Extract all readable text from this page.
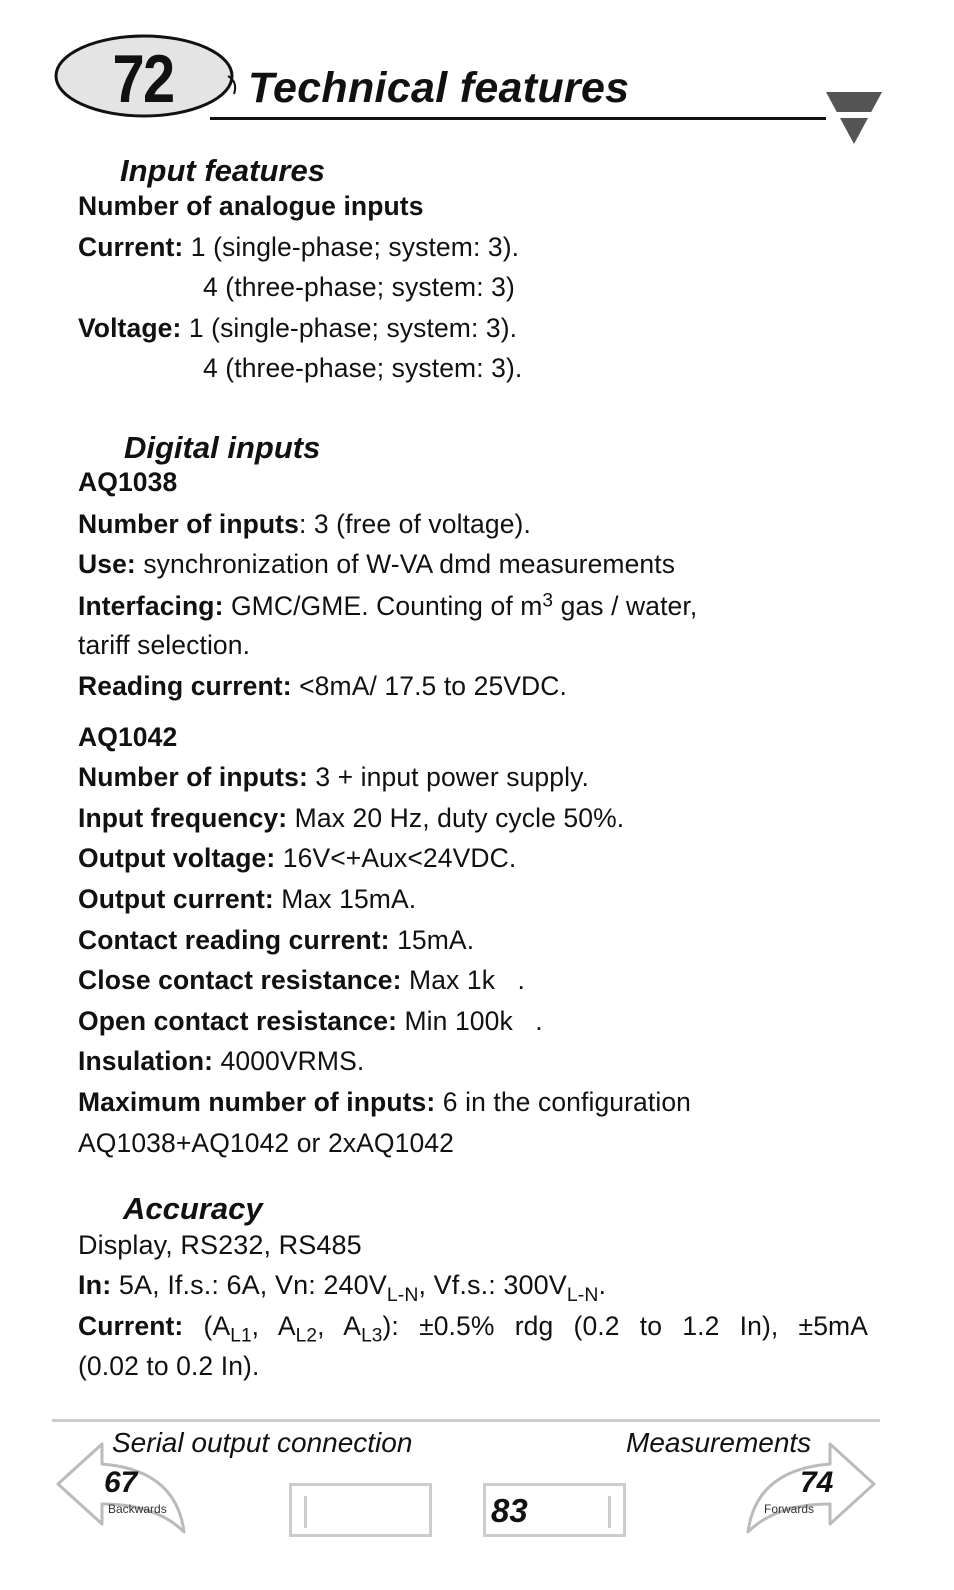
72	Technical features
Input features
Number of analogue inputs
Current: 1 (single-phase; system: 3).
4 (three-phase; system: 3)
Voltage: 1 (single-phase; system: 3).
4 (three-phase; system: 3).
Digital inputs
AQ1038
Number of inputs: 3 (free of voltage).
Use: synchronization of W-VA dmd measurements
Interfacing: GMC/GME. Counting of $m^3$ gas / water,
tariff selection.
Reading current: <8mA/ 17.5 to 25VDC.
AQ1042
Number of inputs: 3 + input power supply.
Input frequency: Max 20 Hz, duty cycle 50%.
Output voltage: 16V<+Aux<24VDC.
Output current: Max 15mA.
Contact reading current: 15mA.
Close contact resistance: Max 1k   .
Open contact resistance: Min 100k   .
Insulation: 4000VRMS.
Maximum number of inputs: 6 in the configuration
AQ1038+AQ1042 or 2xAQ1042
Accuracy
Display, RS232, RS485
In: 5A, If.s.: 6A, Vn: $240V_{L-N}$, Vf.s.: $300V_{L-N}$.
Current: ($A_{L1}$, $A_{L2}$, $A_{L3}$): ±0.5% rdg (0.2 to 1.2 In), ±5mA
(0.02 to 0.2 In).
Serial output connection	Measurements
67
Backwards
74
Forwards
83
